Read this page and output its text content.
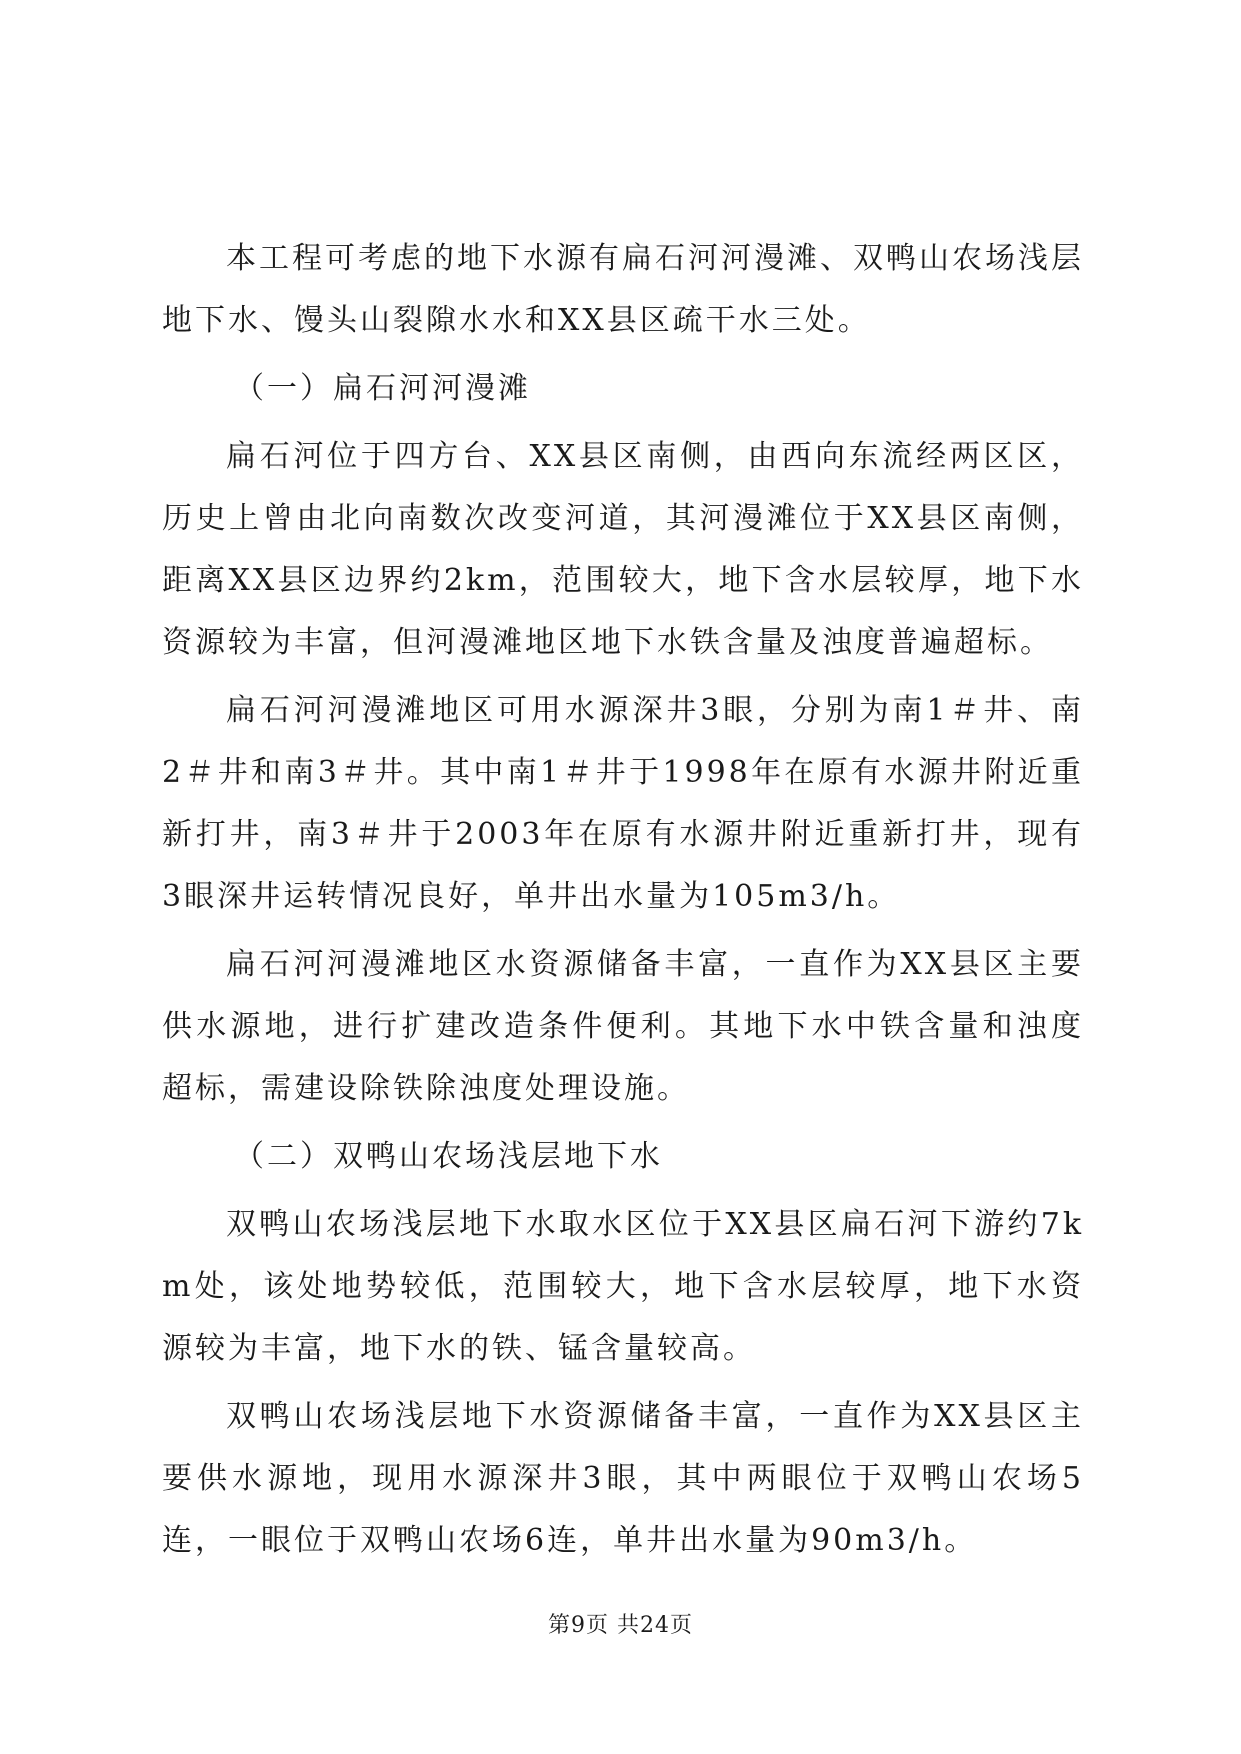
本工程可考虑的地下水源有扁石河河漫滩、双鸭山农场浅层地下水、馒头山裂隙水水和XX县区疏干水三处。

（一）扁石河河漫滩

扁石河位于四方台、XX县区南侧，由西向东流经两区区，历史上曾由北向南数次改变河道，其河漫滩位于XX县区南侧，距离XX县区边界约2km，范围较大，地下含水层较厚，地下水资源较为丰富，但河漫滩地区地下水铁含量及浊度普遍超标。

扁石河河漫滩地区可用水源深井3眼，分别为南1＃井、南2＃井和南3＃井。其中南1＃井于1998年在原有水源井附近重新打井，南3＃井于2003年在原有水源井附近重新打井，现有3眼深井运转情况良好，单井出水量为105m3/h。

扁石河河漫滩地区水资源储备丰富，一直作为XX县区主要供水源地，进行扩建改造条件便利。其地下水中铁含量和浊度超标，需建设除铁除浊度处理设施。

（二）双鸭山农场浅层地下水

双鸭山农场浅层地下水取水区位于XX县区扁石河下游约7km处，该处地势较低，范围较大，地下含水层较厚，地下水资源较为丰富，地下水的铁、锰含量较高。

双鸭山农场浅层地下水资源储备丰富，一直作为XX县区主要供水源地，现用水源深井3眼，其中两眼位于双鸭山农场5连，一眼位于双鸭山农场6连，单井出水量为90m3/h。

第9页 共24页
